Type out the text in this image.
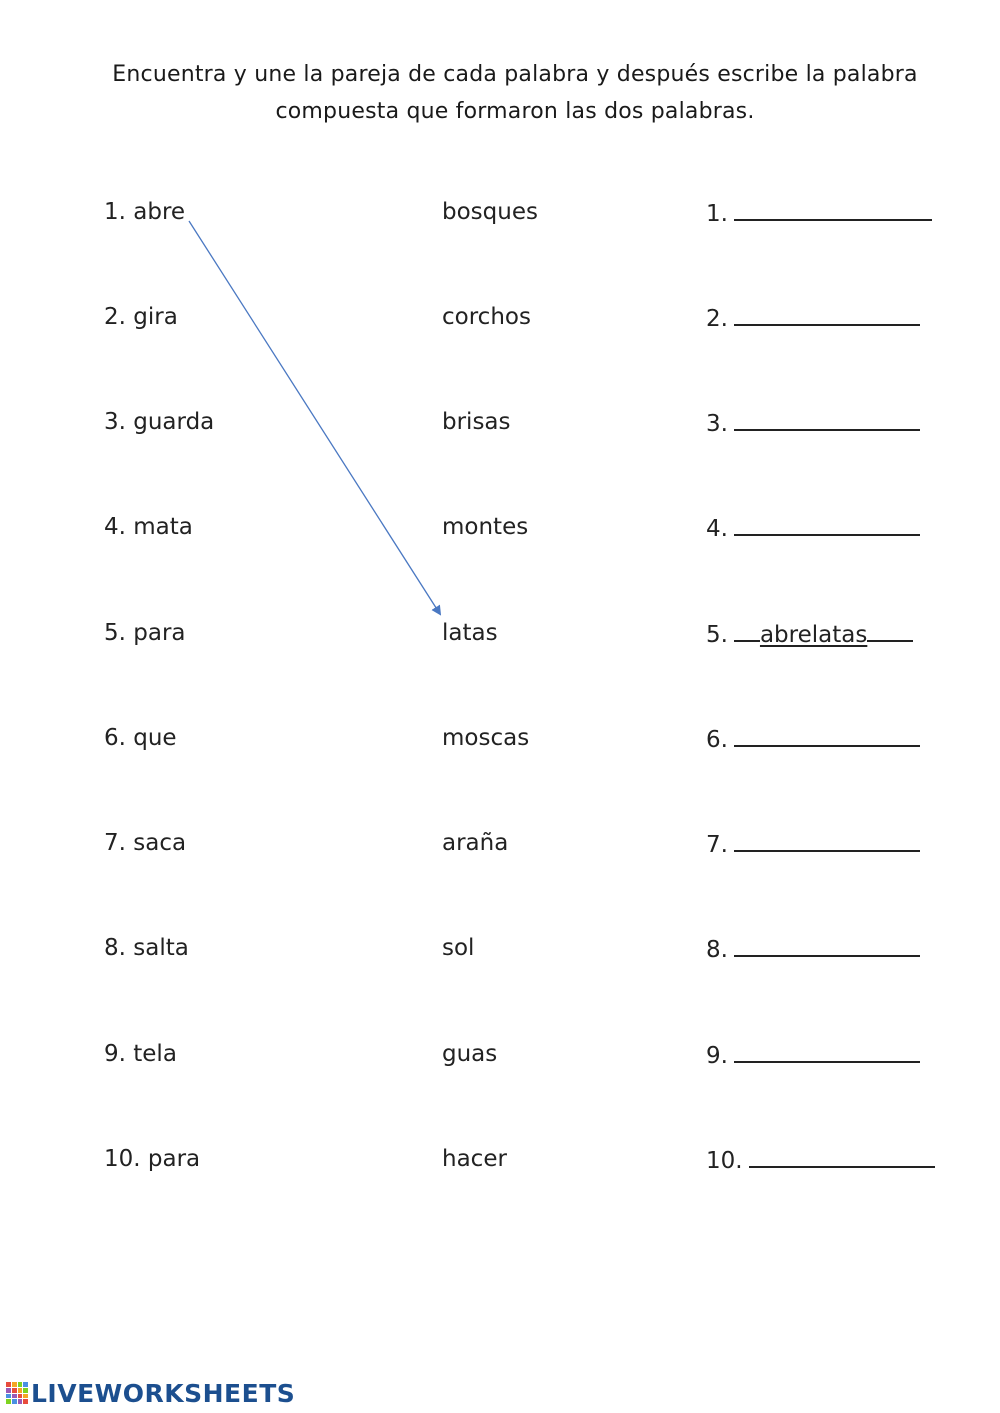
Encuentra y une la pareja de cada palabra y después escribe la palabra
compuesta que formaron las dos palabras.
1. abre
2. gira
3. guarda
4. mata
5. para
6. que
7. saca
8. salta
9. tela
10. para
bosques
corchos
brisas
montes
latas
moscas
araña
sol
guas
hacer
1.
2.
3.
4.
5. abrelatas
6.
7.
8.
9.
10.
LIVEWORKSHEETS
